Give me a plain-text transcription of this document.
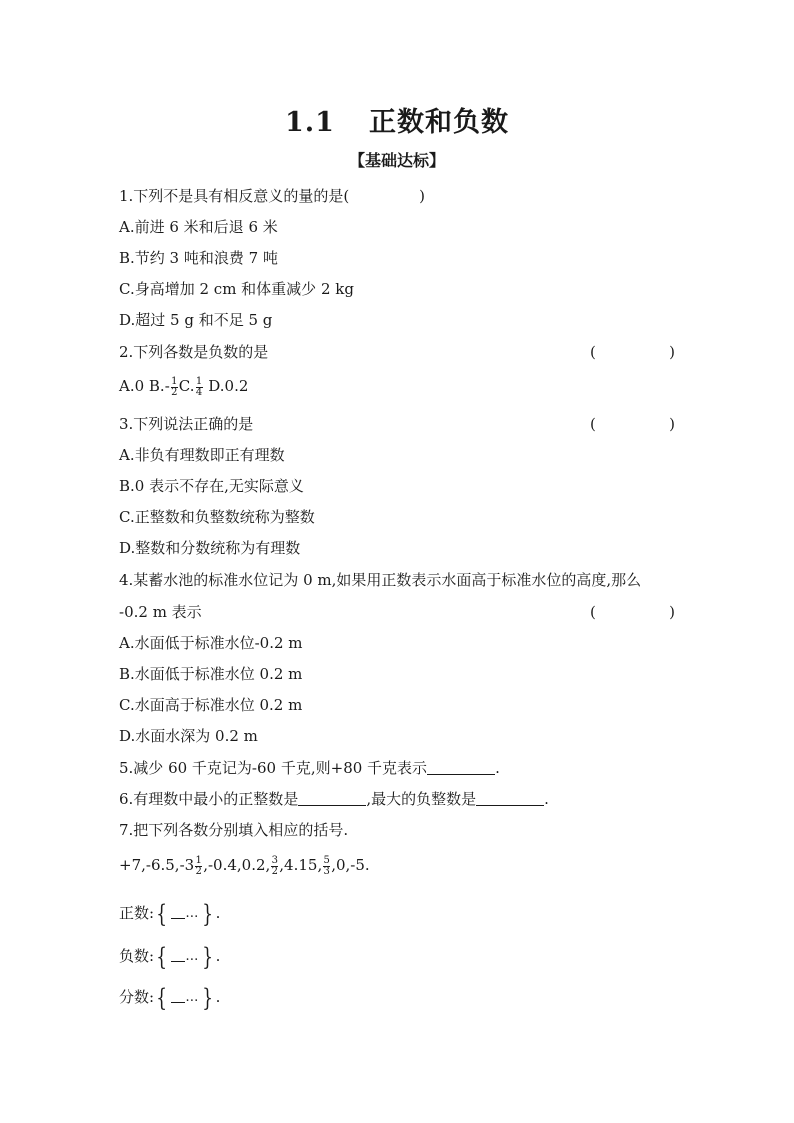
1.1 正数和负数
【基础达标】
1.下列不是具有相反意义的量的是(	)
A.前进 6 米和后退 6 米
B.节约 3 吨和浪费 7 吨
C.身高增加 2 cm 和体重减少 2 kg
D.超过 5 g 和不足 5 g
2.下列各数是负数的是	(	)
A.0 $B.- \frac{1}{2} C$. $\frac{1}{4} D.0.2$
3.下列说法正确的是	(	)
A.非负有理数即正有理数
B.0 表示不存在,无实际意义
C.正整数和负整数统称为整数
D.整数和分数统称为有理数
4.某蓄水池的标准水位记为 0 m,如果用正数表示水面高于标准水位的高度,那么
-0.2 m 表示	(	)
A.水面低于标准水位-0.2 m
B.水面低于标准水位 0.2 m
C.水面高于标准水位 0.2 m
D.水面水深为 0.2 m
5.减少 60 千克记为-60 千克,则+80 千克表示	.
6.有理数中最小的正整数是	,最大的负整数是	.
7.把下列各数分别填入相应的括号.
$+7,-6.5,-3 \frac{1}{2} ,-0.4,0.2$, $\frac{3}{2} ,4.15$, $\frac{5}{3} ,0,-5$.
正数: {	… } .
负数: {	… } .
分数: {	… } .
